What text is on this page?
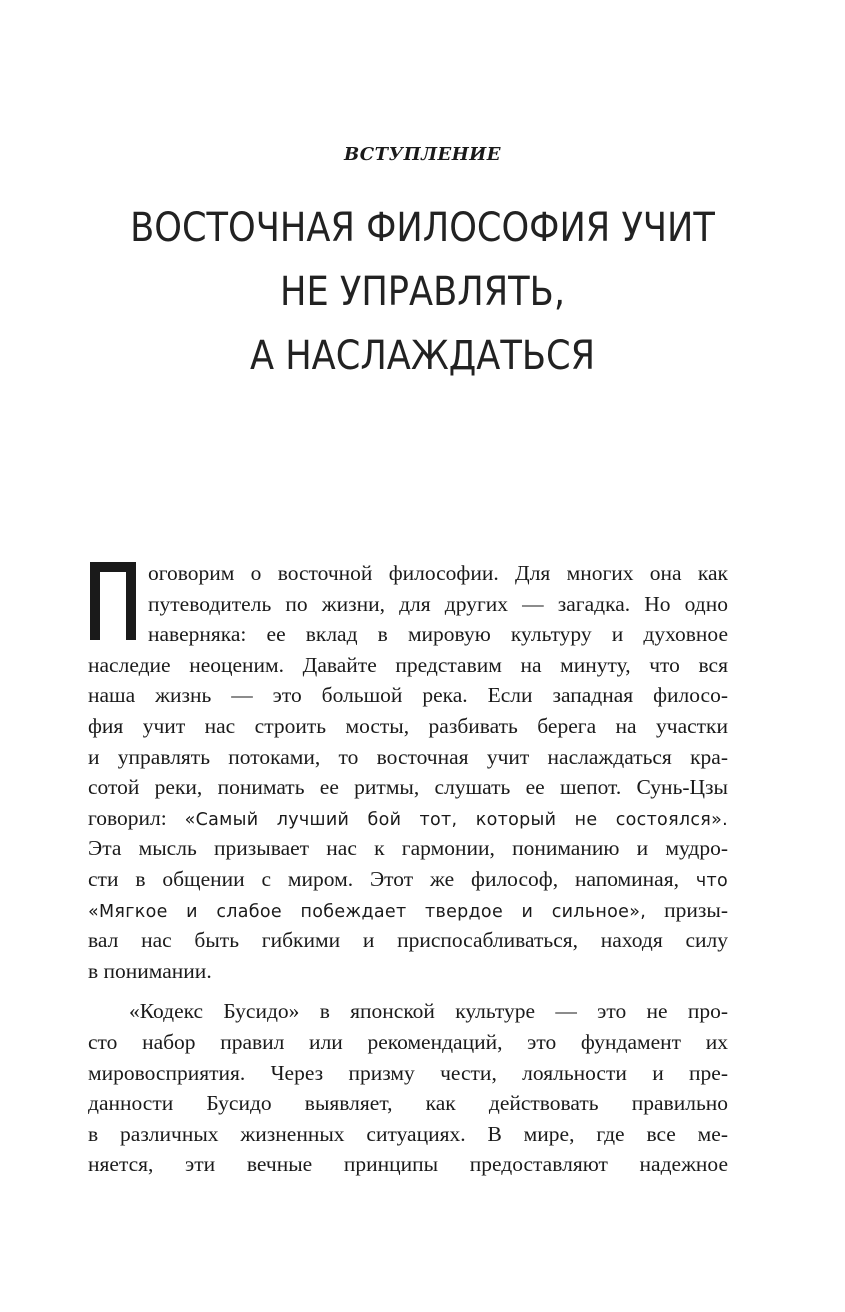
ВСТУПЛЕНИЕ
ВОСТОЧНАЯ ФИЛОСОФИЯ УЧИТ
НЕ УПРАВЛЯТЬ,
А НАСЛАЖДАТЬСЯ
оговорим о восточной философии. Для многих она как
путеводитель по жизни, для других — загадка. Но одно
наверняка: ее вклад в мировую культуру и духовное
наследие неоценим. Давайте представим на минуту, что вся
наша жизнь — это большой река. Если западная филосо-
фия учит нас строить мосты, разбивать берега на участки
и управлять потоками, то восточная учит наслаждаться кра-
сотой реки, понимать ее ритмы, слушать ее шепот. Сунь-Цзы
говорил: «Самый лучший бой тот, который не состоялся».
Эта мысль призывает нас к гармонии, пониманию и мудро-
сти в общении с миром. Этот же философ, напоминая, что
«Мягкое и слабое побеждает твердое и сильное», призы-
вал нас быть гибкими и приспосабливаться, находя силу
в понимании.
«Кодекс Бусидо» в японской культуре — это не про-
сто набор правил или рекомендаций, это фундамент их
мировосприятия. Через призму чести, лояльности и пре-
данности Бусидо выявляет, как действовать правильно
в различных жизненных ситуациях. В мире, где все ме-
няется, эти вечные принципы предоставляют надежное
